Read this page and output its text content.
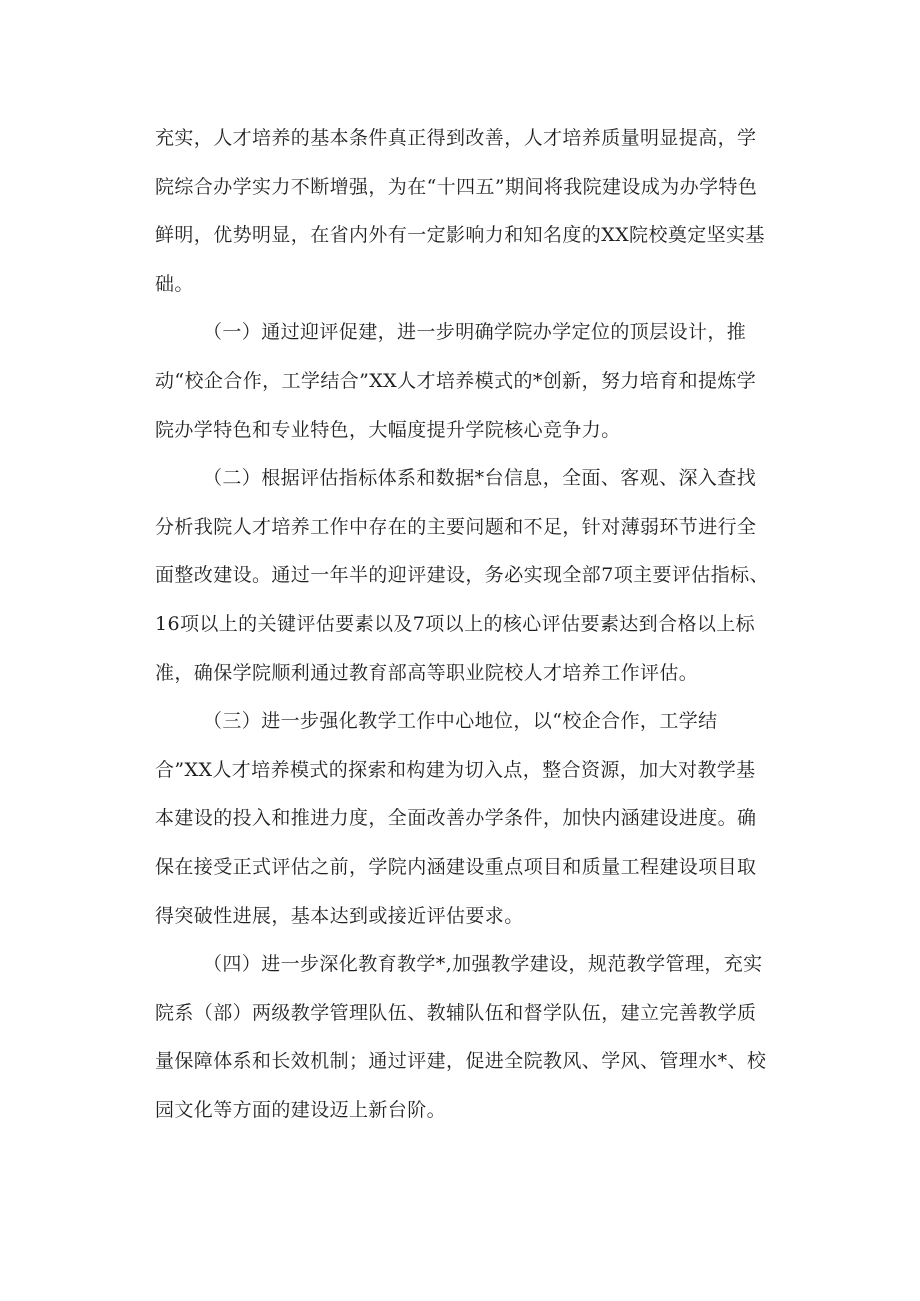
充实，人才培养的基本条件真正得到改善，人才培养质量明显提高，学院综合办学实力不断增强，为在“十四五”期间将我院建设成为办学特色鲜明，优势明显，在省内外有一定影响力和知名度的XX院校奠定坚实基础。

（一）通过迎评促建，进一步明确学院办学定位的顶层设计，推动“校企合作，工学结合”XX人才培养模式的*创新，努力培育和提炼学院办学特色和专业特色，大幅度提升学院核心竞争力。

（二）根据评估指标体系和数据*台信息，全面、客观、深入查找分析我院人才培养工作中存在的主要问题和不足，针对薄弱环节进行全面整改建设。通过一年半的迎评建设，务必实现全部7项主要评估指标、16项以上的关键评估要素以及7项以上的核心评估要素达到合格以上标准，确保学院顺利通过教育部高等职业院校人才培养工作评估。

（三）进一步强化教学工作中心地位，以“校企合作，工学结合”XX人才培养模式的探索和构建为切入点，整合资源，加大对教学基本建设的投入和推进力度，全面改善办学条件，加快内涵建设进度。确保在接受正式评估之前，学院内涵建设重点项目和质量工程建设项目取得突破性进展，基本达到或接近评估要求。

（四）进一步深化教育教学*,加强教学建设，规范教学管理，充实院系（部）两级教学管理队伍、教辅队伍和督学队伍，建立完善教学质量保障体系和长效机制；通过评建，促进全院教风、学风、管理水*、校园文化等方面的建设迈上新台阶。
